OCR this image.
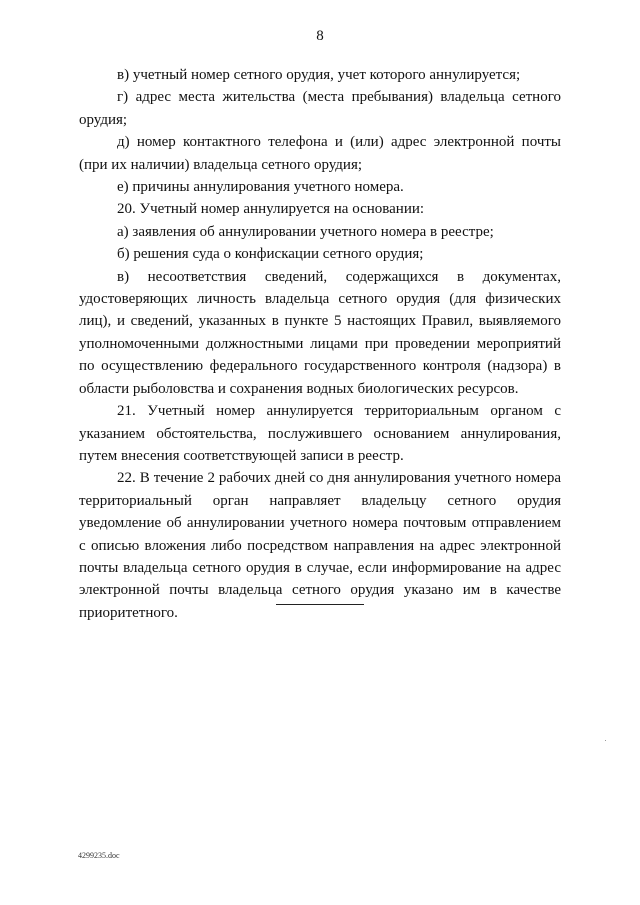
8

в) учетный номер сетного орудия, учет которого аннулируется;

г) адрес места жительства (места пребывания) владельца сетного орудия;

д) номер контактного телефона и (или) адрес электронной почты (при их наличии) владельца сетного орудия;

е) причины аннулирования учетного номера.

20. Учетный номер аннулируется на основании:

а) заявления об аннулировании учетного номера в реестре;

б) решения суда о конфискации сетного орудия;

в) несоответствия сведений, содержащихся в документах, удостоверяющих личность владельца сетного орудия (для физических лиц), и сведений, указанных в пункте 5 настоящих Правил, выявляемого уполномоченными должностными лицами при проведении мероприятий по осуществлению федерального государственного контроля (надзора) в области рыболовства и сохранения водных биологических ресурсов.

21. Учетный номер аннулируется территориальным органом с указанием обстоятельства, послужившего основанием аннулирования, путем внесения соответствующей записи в реестр.

22. В течение 2 рабочих дней со дня аннулирования учетного номера территориальный орган направляет владельцу сетного орудия уведомление об аннулировании учетного номера почтовым отправлением с описью вложения либо посредством направления на адрес электронной почты владельца сетного орудия в случае, если информирование на адрес электронной почты владельца сетного орудия указано им в качестве приоритетного.

4299235.doc
